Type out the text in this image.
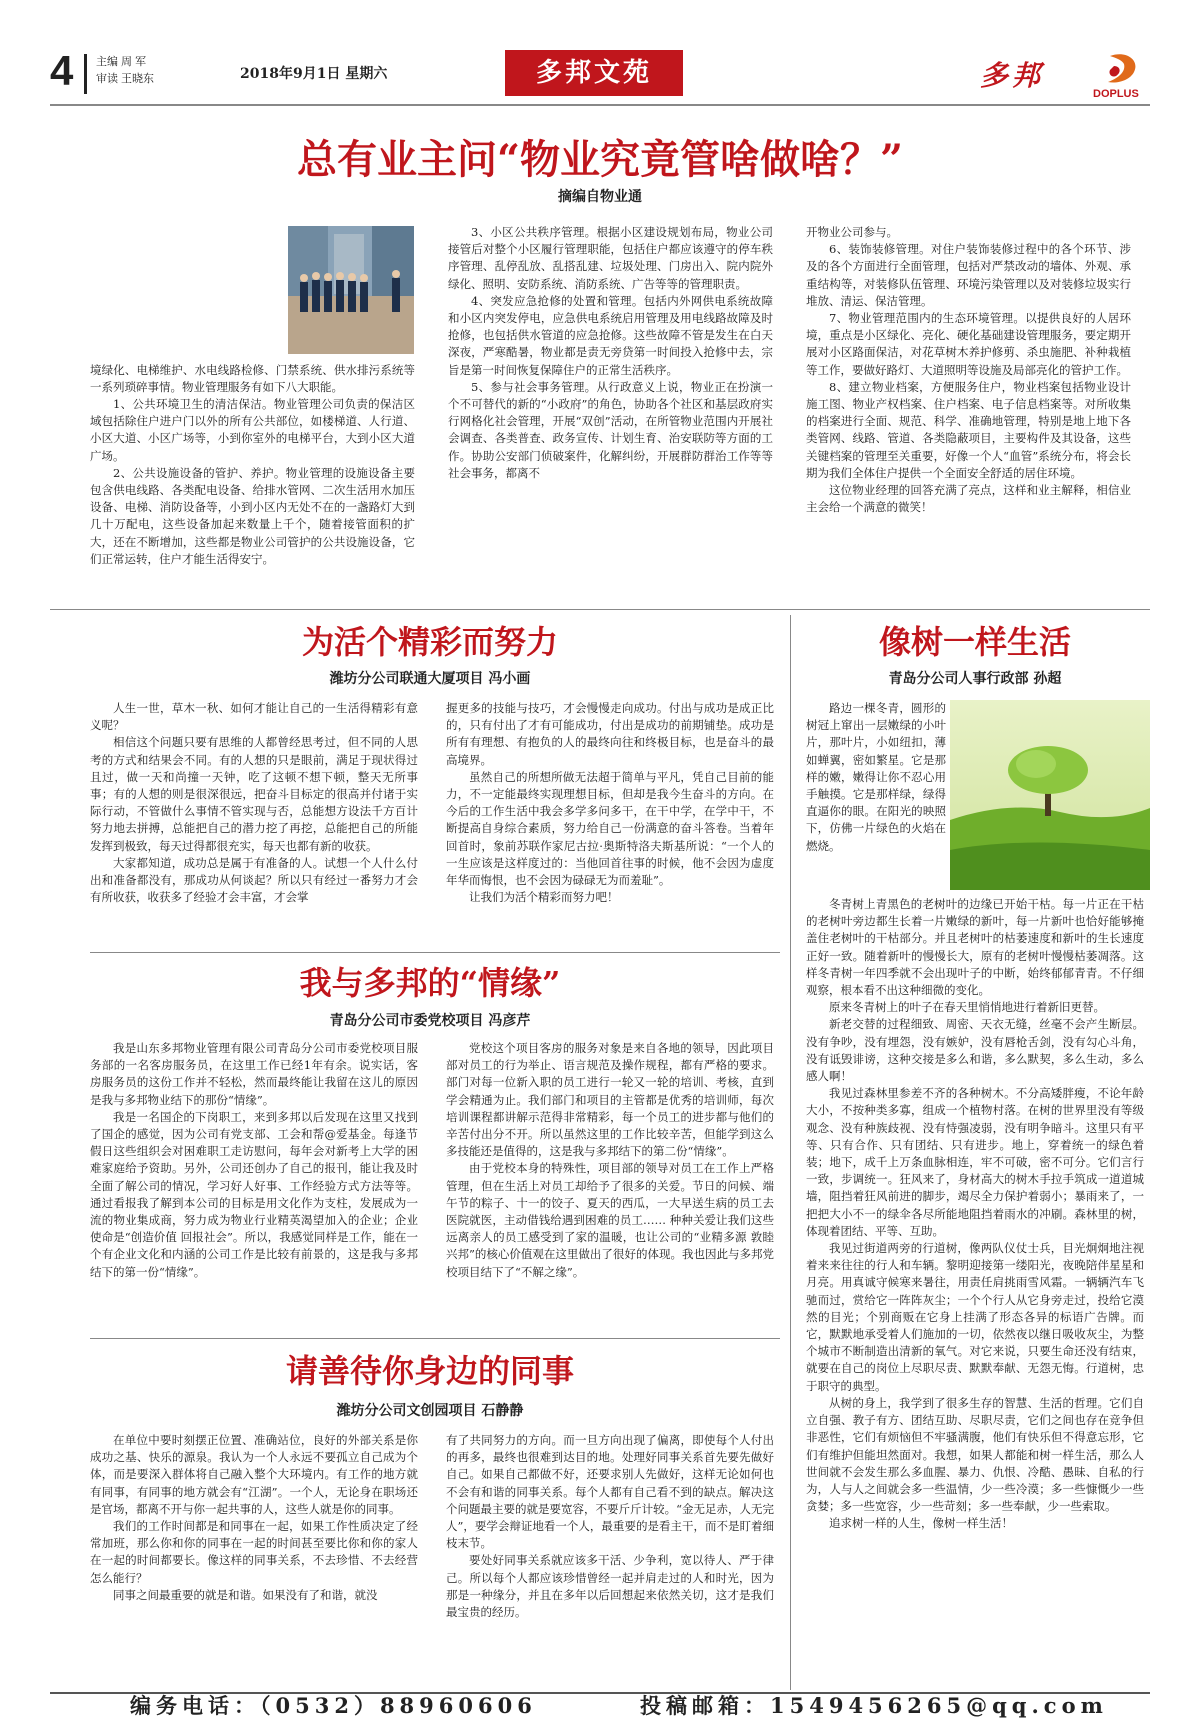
4 主编 周 军
审读 王晓东	2018年9月1日 星期六	多邦文苑	多邦
DOPLUS
总有业主问“物业究竟管啥做啥？”
摘编自物业通

境绿化、电梯维护、水电线路检修、门禁系统、供水排污系统等一系列琐碎事情。物业管理服务有如下八大职能。

1、公共环境卫生的清洁保洁。物业管理公司负责的保洁区域包括除住户进户门以外的所有公共部位，如楼梯道、人行道、小区大道、小区广场等，小到你室外的电梯平台，大到小区大道广场。

2、公共设施设备的管护、养护。物业管理的设施设备主要包含供电线路、各类配电设备、给排水管网、二次生活用水加压设备、电梯、消防设备等，小到小区内无处不在的一盏路灯大到几十万配电，这些设备加起来数量上千个，随着接管面积的扩大，还在不断增加，这些都是物业公司管护的公共设施设备，它们正常运转，住户才能生活得安宁。

3、小区公共秩序管理。根据小区建设规划布局，物业公司接管后对整个小区履行管理职能，包括住户都应该遵守的停车秩序管理、乱停乱放、乱搭乱建、垃圾处理、门房出入、院内院外绿化、照明、安防系统、消防系统、广告等等的管理职责。

4、突发应急抢修的处置和管理。包括内外网供电系统故障和小区内突发停电，应急供电系统启用管理及用电线路故障及时抢修，也包括供水管道的应急抢修。这些故障不管是发生在白天深夜，严寒酷暑，物业都是责无旁贷第一时间投入抢修中去，宗旨是第一时间恢复保障住户的正常生活秩序。

5、参与社会事务管理。从行政意义上说，物业正在扮演一个不可替代的新的“小政府”的角色，协助各个社区和基层政府实行网格化社会管理，开展“双创”活动，在所管物业范围内开展社会调查、各类普查、政务宣传、计划生育、治安联防等方面的工作。协助公安部门侦破案件，化解纠纷，开展群防群治工作等等社会事务，都离不

开物业公司参与。

6、装饰装修管理。对住户装饰装修过程中的各个环节、涉及的各个方面进行全面管理，包括对严禁改动的墙体、外观、承重结构等，对装修队伍管理、环境污染管理以及对装修垃圾实行堆放、清运、保洁管理。

7、物业管理范围内的生态环境管理。以提供良好的人居环境，重点是小区绿化、亮化、硬化基础建设管理服务，要定期开展对小区路面保洁，对花草树木养护修剪、杀虫施肥、补种栽植等工作，要做好路灯、大道照明等设施及局部亮化的管护工作。

8、建立物业档案，方便服务住户，物业档案包括物业设计施工图、物业产权档案、住户档案、电子信息档案等。对所收集的档案进行全面、规范、科学、准确地管理，特别是地上地下各类管网、线路、管道、各类隐蔽项目，主要构件及其设备，这些关键档案的管理至关重要，好像一个人“血管”系统分布，将会长期为我们全体住户提供一个全面安全舒适的居住环境。

这位物业经理的回答充满了亮点，这样和业主解释，相信业主会给一个满意的微笑！

为活个精彩而努力
潍坊分公司联通大厦项目 冯小画

人生一世，草木一秋、如何才能让自己的一生活得精彩有意义呢？

相信这个问题只要有思维的人都曾经思考过，但不同的人思考的方式和结果会不同。有的人想的只是眼前，满足于现状得过且过，做一天和尚撞一天钟，吃了这顿不想下顿，整天无所事事；有的人想的则是很深很远，把奋斗目标定的很高并付诸于实际行动，不管做什么事情不管实现与否，总能想方设法千方百计努力地去拼搏，总能把自己的潜力挖了再挖，总能把自己的所能发挥到极致，每天过得都很充实，每天也都有新的收获。

大家都知道，成功总是属于有准备的人。试想一个人什么付出和准备都没有，那成功从何谈起？所以只有经过一番努力才会有所收获，收获多了经验才会丰富，才会掌

握更多的技能与技巧，才会慢慢走向成功。付出与成功是成正比的，只有付出了才有可能成功，付出是成功的前期铺垫。成功是所有有理想、有抱负的人的最终向往和终极目标，也是奋斗的最高境界。

虽然自己的所想所做无法超于简单与平凡，凭自己目前的能力，不一定能最终实现理想目标，但却是我今生奋斗的方向。在今后的工作生活中我会多学多问多干，在干中学，在学中干，不断提高自身综合素质，努力给自己一份满意的奋斗答卷。当着年回首时，象前苏联作家尼古拉·奥斯特洛夫斯基所说：“一个人的一生应该是这样度过的：当他回首往事的时候，他不会因为虚度年华而悔恨，也不会因为碌碌无为而羞耻”。

让我们为活个精彩而努力吧！

我与多邦的“情缘”
青岛分公司市委党校项目 冯彦芹

我是山东多邦物业管理有限公司青岛分公司市委党校项目服务部的一名客房服务员，在这里工作已经1年有余。说实话，客房服务员的这份工作并不轻松，然而最终能让我留在这儿的原因是我与多邦物业结下的那份“情缘”。

我是一名国企的下岗职工，来到多邦以后发现在这里又找到了国企的感觉，因为公司有党支部、工会和帮@爱基金。每逢节假日这些组织会对困难职工走访慰问，每年会对新考上大学的困难家庭给予资助。另外，公司还创办了自己的报刊，能让我及时全面了解公司的情况，学习好人好事、工作经验方式方法等等。通过看报我了解到本公司的目标是用文化作为支柱，发展成为一流的物业集成商，努力成为物业行业精英渴望加入的企业；企业使命是“创造价值 回报社会”。所以，我感觉同样是工作，能在一个有企业文化和内涵的公司工作是比较有前景的，这是我与多邦结下的第一份“情缘”。

党校这个项目客房的服务对象是来自各地的领导，因此项目部对员工的行为举止、语言规范及操作规程，都有严格的要求。部门对每一位新入职的员工进行一轮又一轮的培训、考核，直到学会精通为止。我们部门和项目的主管都是优秀的培训师，每次培训课程都讲解示范得非常精彩，每一个员工的进步都与他们的辛苦付出分不开。所以虽然这里的工作比较辛苦，但能学到这么多技能还是值得的，这是我与多邦结下的第二份“情缘”。

由于党校本身的特殊性，项目部的领导对员工在工作上严格管理，但在生活上对员工却给予了很多的关爱。节日的问候、端午节的粽子、十一的饺子、夏天的西瓜，一大早送生病的员工去医院就医，主动借钱给遇到困难的员工…… 种种关爱让我们这些远离亲人的员工感受到了家的温暖，也让公司的“业精多源 敦睦兴邦”的核心价值观在这里做出了很好的体现。我也因此与多邦党校项目结下了“不解之缘”。

请善待你身边的同事
潍坊分公司文创园项目 石静静

在单位中要时刻摆正位置、准确站位，良好的外部关系是你成功之基、快乐的源泉。我认为一个人永远不要孤立自己成为个体，而是要深入群体将自己融入整个大环境内。有工作的地方就有同事，有同事的地方就会有“江湖”。一个人，无论身在职场还是官场，都离不开与你一起共事的人，这些人就是你的同事。

我们的工作时间都是和同事在一起，如果工作性质决定了经常加班，那么你和你的同事在一起的时间甚至要比你和你的家人在一起的时间都要长。像这样的同事关系，不去珍惜、不去经营怎么能行？

同事之间最重要的就是和谐。如果没有了和谐，就没

有了共同努力的方向。而一旦方向出现了偏离，即使每个人付出的再多，最终也很难到达目的地。处理好同事关系首先要先做好自己。如果自己都做不好，还要求别人先做好，这样无论如何也不会有和谐的同事关系。每个人都有自己看不到的缺点。解决这个问题最主要的就是要宽容，不要斤斤计较。“金无足赤，人无完人”，要学会辩证地看一个人，最重要的是看主干，而不是盯着细枝末节。

要处好同事关系就应该多干活、少争利，宽以待人、严于律己。所以每个人都应该珍惜曾经一起并肩走过的人和时光，因为那是一种缘分，并且在多年以后回想起来依然关切，这才是我们最宝贵的经历。

像树一样生活
青岛分公司人事行政部 孙超

路边一棵冬青，圆形的树冠上窜出一层嫩绿的小叶片，那叶片，小如纽扣，薄如蝉翼，密如繁星。它是那样的嫩，嫩得让你不忍心用手触摸。它是那样绿，绿得直逼你的眼。在阳光的映照下，仿佛一片绿色的火焰在燃烧。

冬青树上青黑色的老树叶的边缘已开始干枯。每一片正在干枯的老树叶旁边都生长着一片嫩绿的新叶，每一片新叶也恰好能够掩盖住老树叶的干枯部分。并且老树叶的枯萎速度和新叶的生长速度正好一致。随着新叶的慢慢长大，原有的老树叶慢慢枯萎凋落。这样冬青树一年四季就不会出现叶子的中断，始终郁郁青青。不仔细观察，根本看不出这种细微的变化。

原来冬青树上的叶子在春天里悄悄地进行着新旧更替。

新老交替的过程细致、周密、天衣无缝，丝毫不会产生断层。没有争吵，没有埋怨，没有嫉妒，没有唇枪舌剑，没有勾心斗角，没有诋毁诽谤，这种交接是多么和谐，多么默契，多么生动，多么感人啊！

我见过森林里参差不齐的各种树木。不分高矮胖瘦，不论年龄大小，不按种类多寡，组成一个植物村落。在树的世界里没有等级观念、没有种族歧视、没有恃强凌弱，没有明争暗斗。这里只有平等、只有合作、只有团结、只有进步。地上，穿着统一的绿色着装；地下，成千上万条血脉相连，牢不可破，密不可分。它们言行一致，步调统一。狂风来了，身材高大的树木手拉手筑成一道道城墙，阻挡着狂风前进的脚步，竭尽全力保护着弱小；暴雨来了，一把把大小不一的绿伞各尽所能地阻挡着雨水的冲刷。森林里的树，体现着团结、平等、互助。

我见过街道两旁的行道树，像两队仪仗士兵，目光炯炯地注视着来来往往的行人和车辆。黎明迎接第一缕阳光，夜晚陪伴星星和月亮。用真诚守候寒来暑往，用责任肩挑雨雪风霜。一辆辆汽车飞驰而过，赏给它一阵阵灰尘；一个个行人从它身旁走过，投给它漠然的目光；个别商贩在它身上挂满了形态各异的标语广告牌。而它，默默地承受着人们施加的一切，依然夜以继日吸收灰尘，为整个城市不断制造出清新的氧气。对它来说，只要生命还没有结束，就要在自己的岗位上尽职尽责、默默奉献、无怨无悔。行道树，忠于职守的典型。

从树的身上，我学到了很多生存的智慧、生活的哲理。它们自立自强、教子有方、团结互助、尽职尽责，它们之间也存在竞争但非恶性，它们有烦恼但不牢骚满腹，他们有快乐但不得意忘形，它们有维护但能坦然面对。我想，如果人都能和树一样生活，那么人世间就不会发生那么多血腥、暴力、仇恨、冷酷、愚昧、自私的行为，人与人之间就会多一些温情，少一些冷漠；多一些慷慨少一些贪婪；多一些宽容，少一些苛刻；多一些奉献，少一些索取。

追求树一样的人生，像树一样生活！

编务电话：（0532）88960606	投稿邮箱：1549456265@qq.com
